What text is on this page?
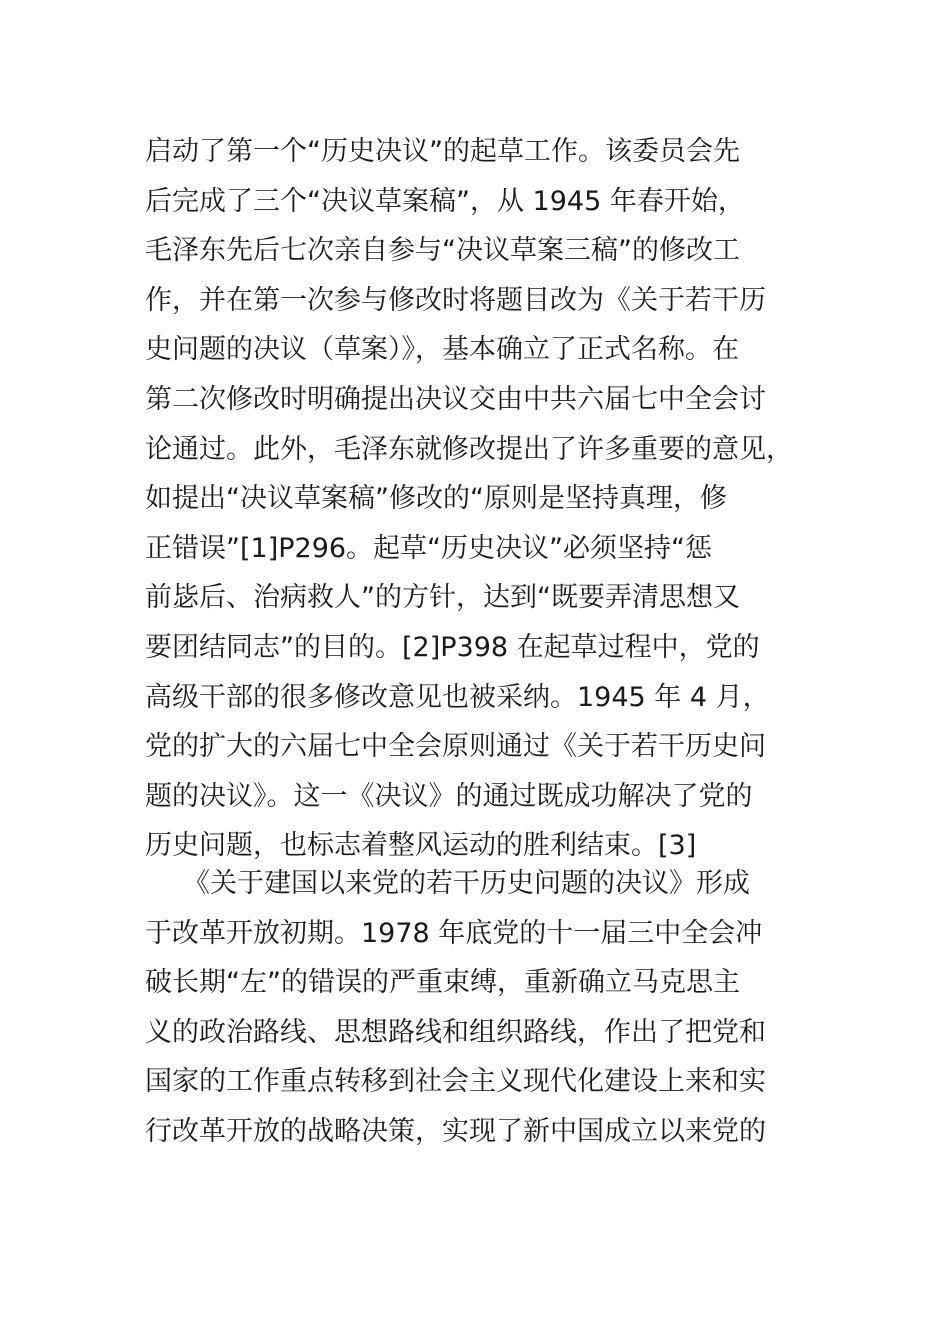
启动了第一个“历史决议”的起草工作。该委员会先
后完成了三个“决议草案稿”，从 1945 年春开始，
毛泽东先后七次亲自参与“决议草案三稿”的修改工
作，并在第一次参与修改时将题目改为《关于若干历
史问题的决议（草案）》，基本确立了正式名称。在
第二次修改时明确提出决议交由中共六届七中全会讨
论通过。此外，毛泽东就修改提出了许多重要的意见，
如提出“决议草案稿”修改的“原则是坚持真理，修
正错误”[1]P296。起草“历史决议”必须坚持“惩
前毖后、治病救人”的方针，达到“既要弄清思想又
要团结同志”的目的。[2]P398 在起草过程中，党的
高级干部的很多修改意见也被采纳。1945 年 4 月，
党的扩大的六届七中全会原则通过《关于若干历史问
题的决议》。这一《决议》的通过既成功解决了党的
历史问题，也标志着整风运动的胜利结束。[3]
《关于建国以来党的若干历史问题的决议》形成
于改革开放初期。1978 年底党的十一届三中全会冲
破长期“左”的错误的严重束缚，重新确立马克思主
义的政治路线、思想路线和组织路线，作出了把党和
国家的工作重点转移到社会主义现代化建设上来和实
行改革开放的战略决策，实现了新中国成立以来党的
